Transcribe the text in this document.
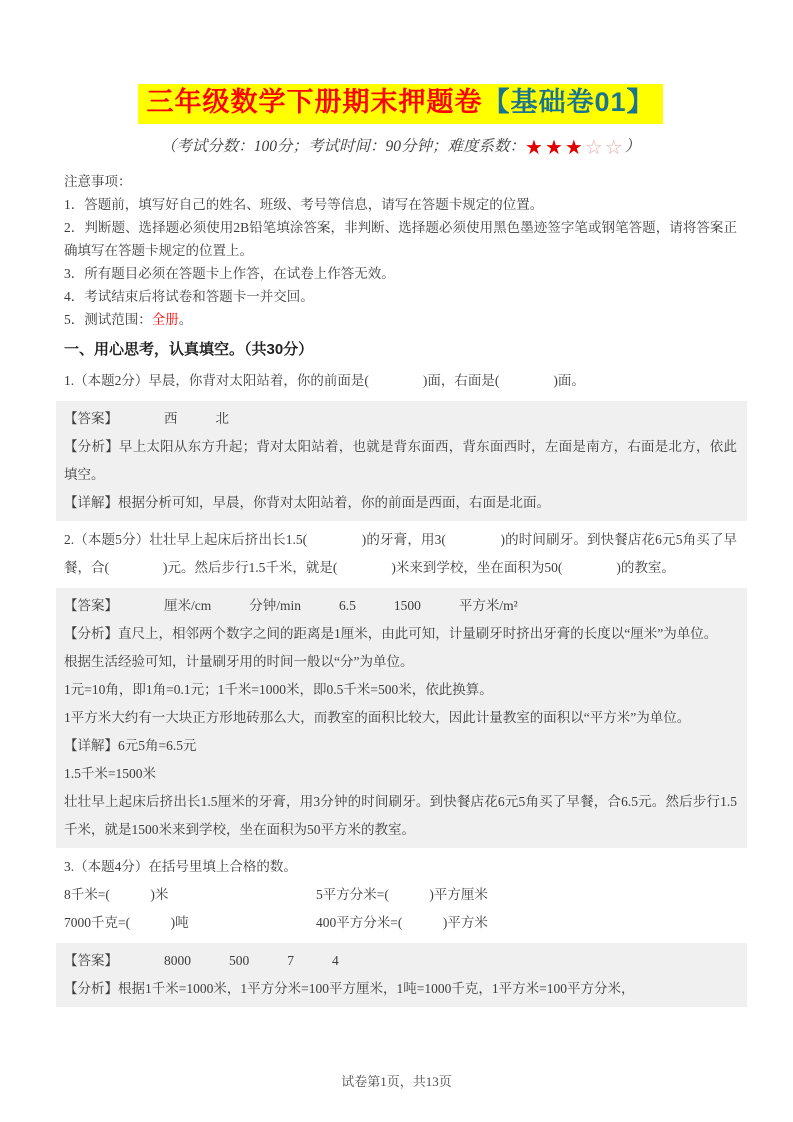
三年级数学下册期末押题卷【基础卷01】
（考试分数：100分；考试时间：90分钟；难度系数： ★ ★ ★ ☆ ☆	）

注意事项：

1．答题前，填写好自己的姓名、班级、考号等信息，请写在答题卡规定的位置。

2．判断题、选择题必须使用2B铅笔填涂答案，非判断、选择题必须使用黑色墨迹签字笔或钢笔答题，请将答案正确填写在答题卡规定的位置上。

3．所有题目必须在答题卡上作答，在试卷上作答无效。

4．考试结束后将试卷和答题卡一并交回。

5．测试范围：全册。

一、用心思考，认真填空。（共30分）

1.（本题2分）早晨，你背对太阳站着，你的前面是(　　　　)面，右面是(　　　　)面。

【答案】	西	北

【分析】早上太阳从东方升起；背对太阳站着，也就是背东面西，背东面西时，左面是南方，右面是北方，依此填空。

【详解】根据分析可知，早晨，你背对太阳站着，你的前面是西面，右面是北面。

2.（本题5分）壮壮早上起床后挤出长1.5(　　　　)的牙膏，用3(　　　　)的时间刷牙。到快餐店花6元5角买了早餐，合(　　　　)元。然后步行1.5千米，就是(　　　　)米来到学校，坐在面积为50(　　　　)的教室。

【答案】	厘米/cm	分钟/min	6.5	1500	平方米/m²

【分析】直尺上，相邻两个数字之间的距离是1厘米，由此可知，计量刷牙时挤出牙膏的长度以“厘米”为单位。

根据生活经验可知，计量刷牙用的时间一般以“分”为单位。

1元=10角，即1角=0.1元；1千米=1000米，即0.5千米=500米，依此换算。

1平方米大约有一大块正方形地砖那么大，而教室的面积比较大，因此计量教室的面积以“平方米”为单位。

【详解】6元5角=6.5元

1.5千米=1500米

壮壮早上起床后挤出长1.5厘米的牙膏，用3分钟的时间刷牙。到快餐店花6元5角买了早餐，合6.5元。然后步行1.5千米，就是1500米来到学校，坐在面积为50平方米的教室。

3.（本题4分）在括号里填上合格的数。

8千米=(　　　)米	5平方分米=(　　　)平方厘米

7000千克=(　　　)吨	400平方分米=(　　　)平方米

【答案】	8000	500	7	4

【分析】根据1千米=1000米，1平方分米=100平方厘米，1吨=1000千克，1平方米=100平方分米，

试卷第1页，共13页
